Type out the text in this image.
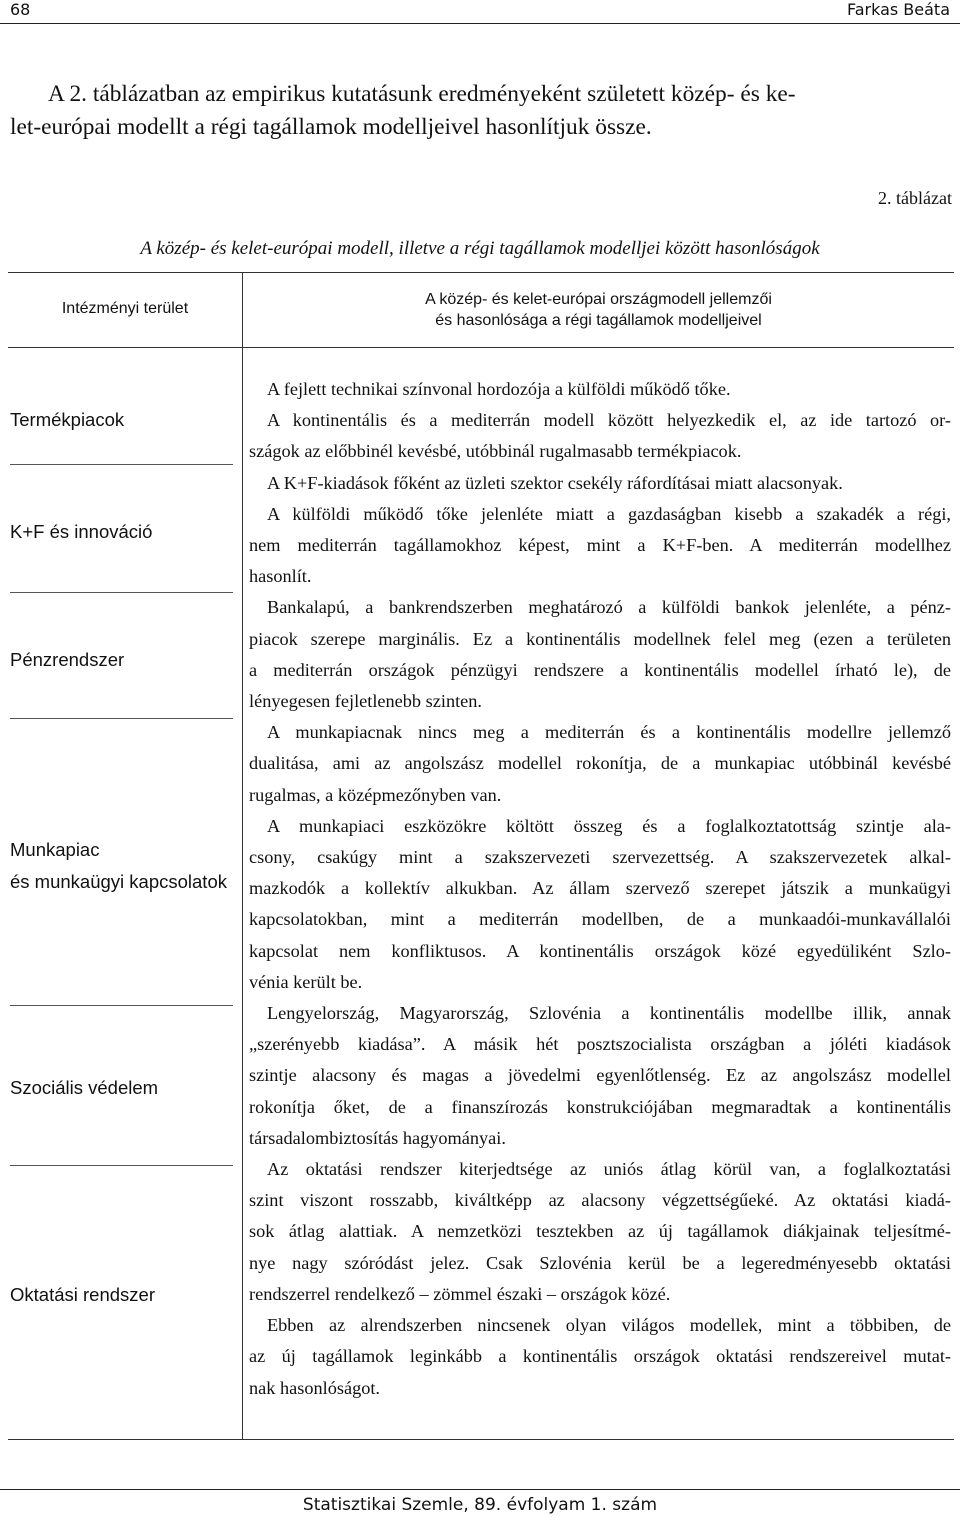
68	Farkas Beáta
A 2. táblázatban az empirikus kutatásunk eredményeként született közép- és ke-
let-európai modellt a régi tagállamok modelljeivel hasonlítjuk össze.
2. táblázat
A közép- és kelet-európai modell, illetve a régi tagállamok modelljei között hasonlóságok
Intézményi terület
A közép- és kelet-európai országmodell jellemzői
és hasonlósága a régi tagállamok modelljeivel
Termékpiacok
K+F és innováció
Pénzrendszer
Munkapiac
és munkaügyi kapcsolatok
Szociális védelem
Oktatási rendszer

A fejlett technikai színvonal hordozója a külföldi működő tőke.

A kontinentális és a mediterrán modell között helyezkedik el, az ide tartozó or-
szágok az előbbinél kevésbé, utóbbinál rugalmasabb termékpiacok.

A K+F-kiadások főként az üzleti szektor csekély ráfordításai miatt alacsonyak.

A külföldi működő tőke jelenléte miatt a gazdaságban kisebb a szakadék a régi,
nem mediterrán tagállamokhoz képest, mint a K+F-ben. A mediterrán modellhez
hasonlít.

Bankalapú, a bankrendszerben meghatározó a külföldi bankok jelenléte, a pénz-
piacok szerepe marginális. Ez a kontinentális modellnek felel meg (ezen a területen
a mediterrán országok pénzügyi rendszere a kontinentális modellel írható le), de
lényegesen fejletlenebb szinten.

A munkapiacnak nincs meg a mediterrán és a kontinentális modellre jellemző
dualitása, ami az angolszász modellel rokonítja, de a munkapiac utóbbinál kevésbé
rugalmas, a középmezőnyben van.

A munkapiaci eszközökre költött összeg és a foglalkoztatottság szintje ala-
csony, csakúgy mint a szakszervezeti szervezettség. A szakszervezetek alkal-
mazkodók a kollektív alkukban. Az állam szervező szerepet játszik a munkaügyi
kapcsolatokban, mint a mediterrán modellben, de a munkaadói-munkavállalói
kapcsolat nem konfliktusos. A kontinentális országok közé egyedüliként Szlo-
vénia került be.

Lengyelország, Magyarország, Szlovénia a kontinentális modellbe illik, annak
„szerényebb kiadása”. A másik hét posztszocialista országban a jóléti kiadások
szintje alacsony és magas a jövedelmi egyenlőtlenség. Ez az angolszász modellel
rokonítja őket, de a finanszírozás konstrukciójában megmaradtak a kontinentális
társadalombiztosítás hagyományai.

Az oktatási rendszer kiterjedtsége az uniós átlag körül van, a foglalkoztatási
szint viszont rosszabb, kiváltképp az alacsony végzettségűeké. Az oktatási kiadá-
sok átlag alattiak. A nemzetközi tesztekben az új tagállamok diákjainak teljesítmé-
nye nagy szóródást jelez. Csak Szlovénia kerül be a legeredményesebb oktatási
rendszerrel rendelkező – zömmel északi – országok közé.

Ebben az alrendszerben nincsenek olyan világos modellek, mint a többiben, de
az új tagállamok leginkább a kontinentális országok oktatási rendszereivel mutat-
nak hasonlóságot.

Statisztikai Szemle, 89. évfolyam 1. szám
